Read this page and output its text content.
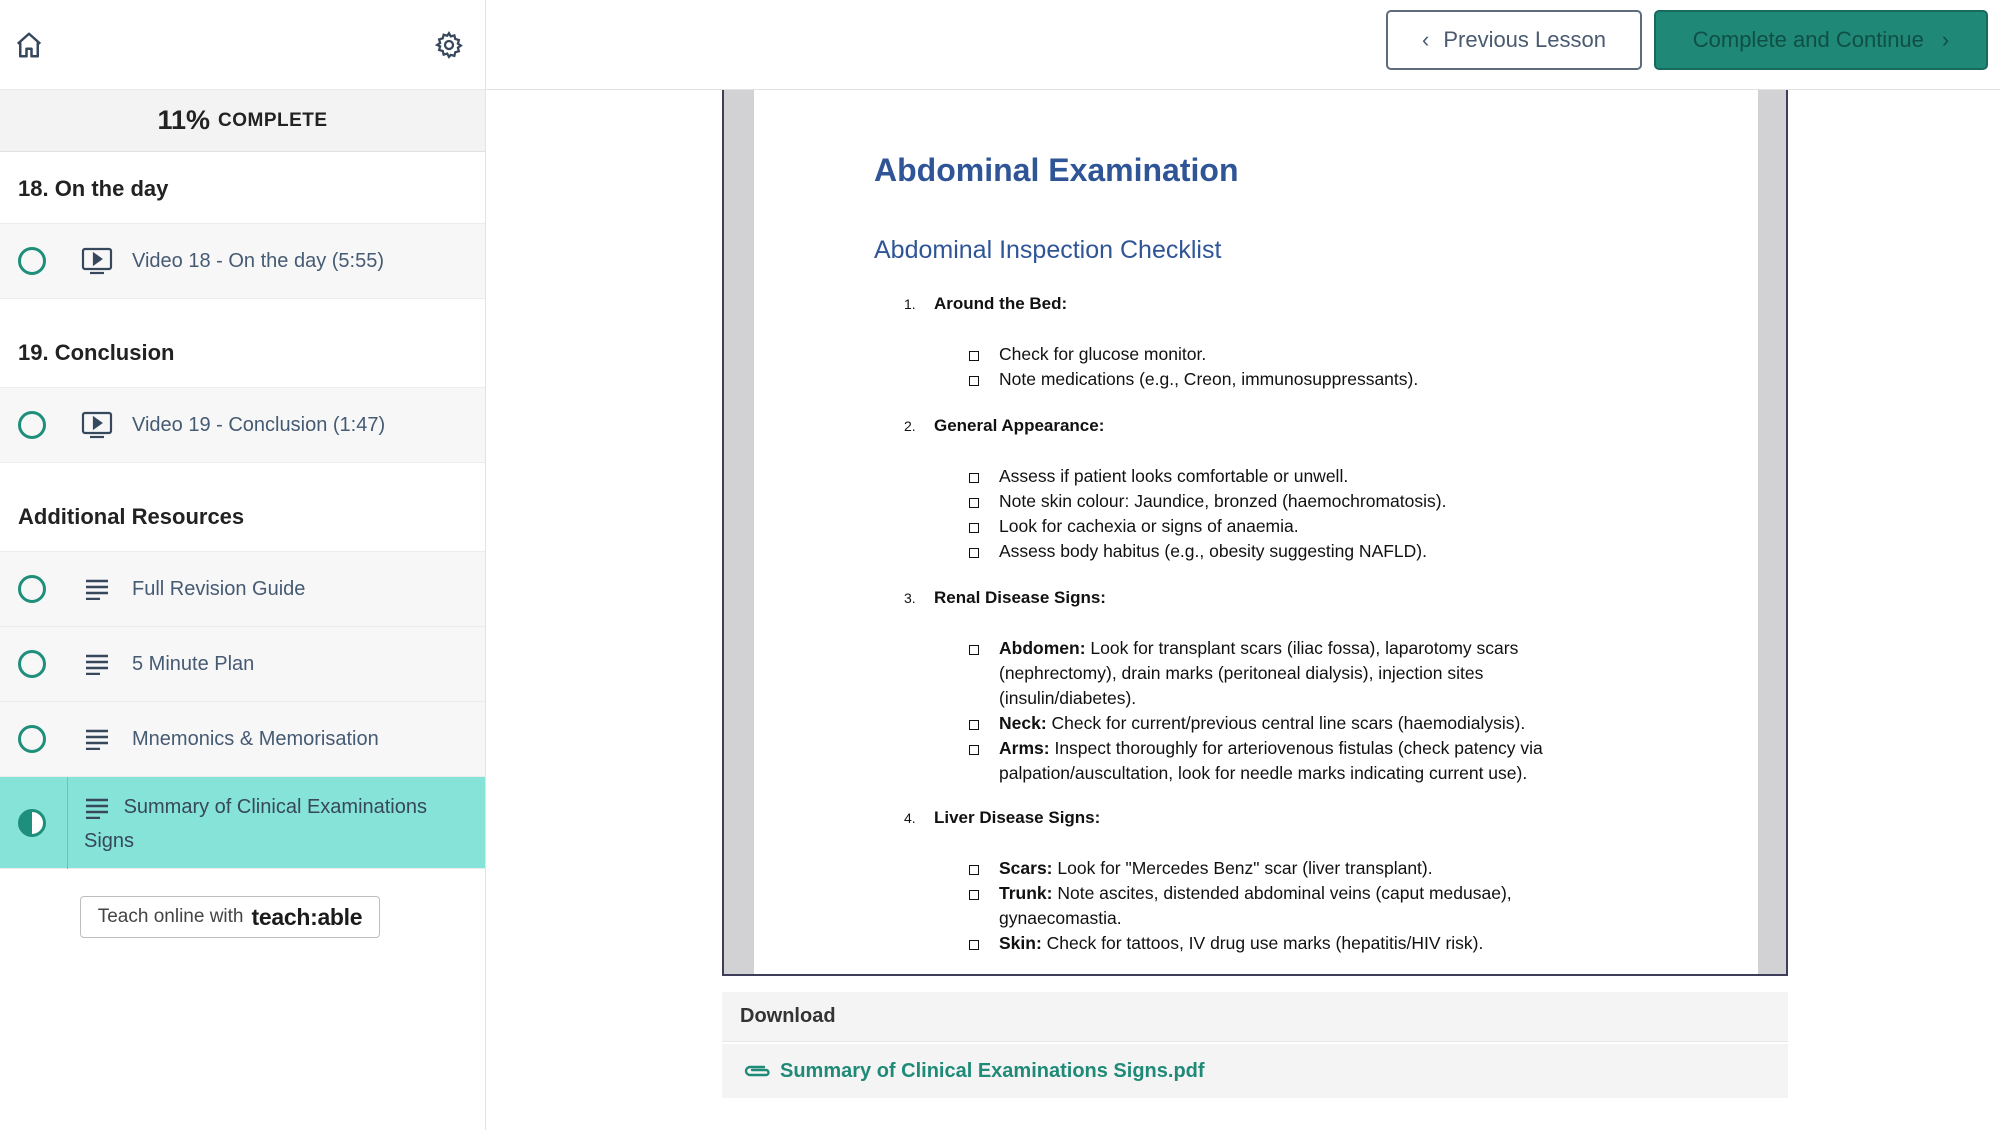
11% COMPLETE
18. On the day
Video 18 - On the day (5:55)
19. Conclusion
Video 19 - Conclusion (1:47)
Additional Resources
Full Revision Guide
5 Minute Plan
Mnemonics & Memorisation
Summary of Clinical Examinations Signs
Teach online with teach:able
‹ Previous Lesson	Complete and Continue ›
Abdominal Examination
Abdominal Inspection Checklist
1. Around the Bed:
Check for glucose monitor.
Note medications (e.g., Creon, immunosuppressants).
2. General Appearance:
Assess if patient looks comfortable or unwell.
Note skin colour: Jaundice, bronzed (haemochromatosis).
Look for cachexia or signs of anaemia.
Assess body habitus (e.g., obesity suggesting NAFLD).
3. Renal Disease Signs:
Abdomen: Look for transplant scars (iliac fossa), laparotomy scars (nephrectomy), drain marks (peritoneal dialysis), injection sites (insulin/diabetes).
Neck: Check for current/previous central line scars (haemodialysis).
Arms: Inspect thoroughly for arteriovenous fistulas (check patency via palpation/auscultation, look for needle marks indicating current use).
4. Liver Disease Signs:
Scars: Look for "Mercedes Benz" scar (liver transplant).
Trunk: Note ascites, distended abdominal veins (caput medusae), gynaecomastia.
Skin: Check for tattoos, IV drug use marks (hepatitis/HIV risk).
Download
Summary of Clinical Examinations Signs.pdf
